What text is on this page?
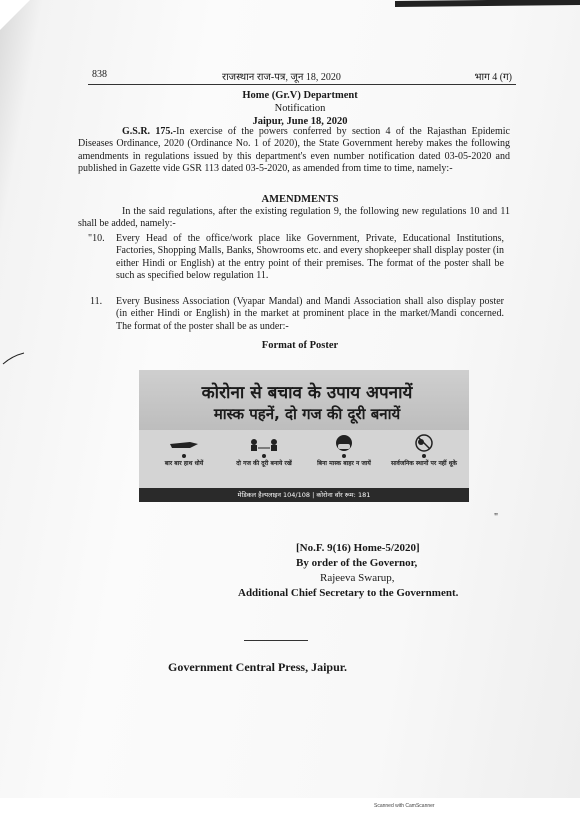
838	राजस्थान राज-पत्र, जून 18, 2020	भाग 4 (ग)
Home (Gr.V) Department
Notification
Jaipur, June 18, 2020
G.S.R. 175.-In exercise of the powers conferred by section 4 of the Rajasthan Epidemic Diseases Ordinance, 2020 (Ordinance No. 1 of 2020), the State Government hereby makes the following amendments in regulations issued by this department's even number notification dated 03-05-2020 and published in Gazette vide GSR 113 dated 03-5-2020, as amended from time to time, namely:-
AMENDMENTS
In the said regulations, after the existing regulation 9, the following new regulations 10 and 11 shall be added, namely:-
"10. Every Head of the office/work place like Government, Private, Educational Institutions, Factories, Shopping Malls, Banks, Showrooms etc. and every shopkeeper shall display poster (in either Hindi or English) at the entry point of their premises. The format of the poster shall be such as specified below regulation 11.
11. Every Business Association (Vyapar Mandal) and Mandi Association shall also display poster (in either Hindi or English) in the market at prominent place in the market/Mandi concerned. The format of the poster shall be as under:-
Format of Poster
कोरोना से बचाव के उपाय अपनायें
मास्क पहनें, दो गज की दूरी बनायें
बार बार हाथ धोयें	दो गज की दूरी बनाये रखें	बिना मास्क बाहर न जायें	सार्वजनिक स्थानों पर नहीं थूके
मेडिकल हैल्पलाइन 104/108 | कोरोना वॉर रूम: 181
"
[No.F. 9(16) Home-5/2020]
By order of the Governor,
Rajeeva Swarup,
Additional Chief Secretary to the Government.
Government Central Press, Jaipur.
Scanned with CamScanner
